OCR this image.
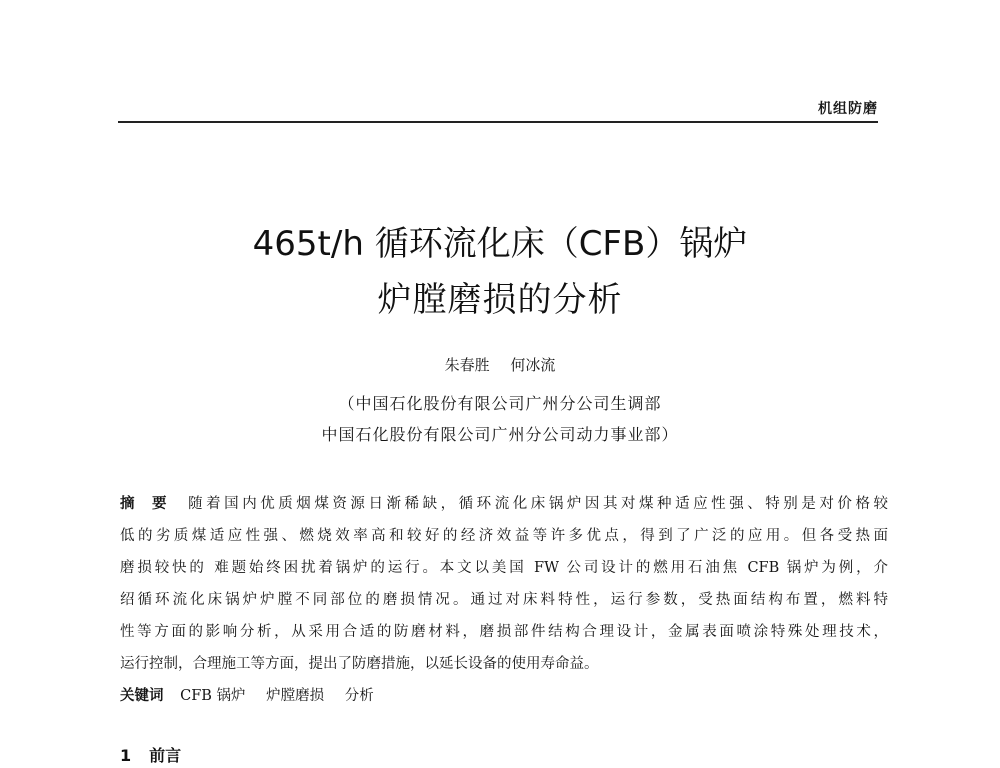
机组防磨
465t/h 循环流化床（CFB）锅炉
炉膛磨损的分析
朱春胜 何冰流
（中国石化股份有限公司广州分公司生调部
中国石化股份有限公司广州分公司动力事业部）
摘要 随着国内优质烟煤资源日渐稀缺，循环流化床锅炉因其对煤种适应性强、特别是对价格较
低的劣质煤适应性强、燃烧效率高和较好的经济效益等许多优点，得到了广泛的应用。但各受热面
磨损较快的 难题始终困扰着锅炉的运行。本文以美国 FW 公司设计的燃用石油焦 CFB 锅炉为例，介
绍循环流化床锅炉炉膛不同部位的磨损情况。通过对床料特性，运行参数，受热面结构布置，燃料特
性等方面的影响分析，从采用合适的防磨材料，磨损部件结构合理设计，金属表面喷涂特殊处理技术，
运行控制，合理施工等方面，提出了防磨措施，以延长设备的使用寿命益。
关键词 CFB 锅炉 炉膛磨损 分析
1 前言
